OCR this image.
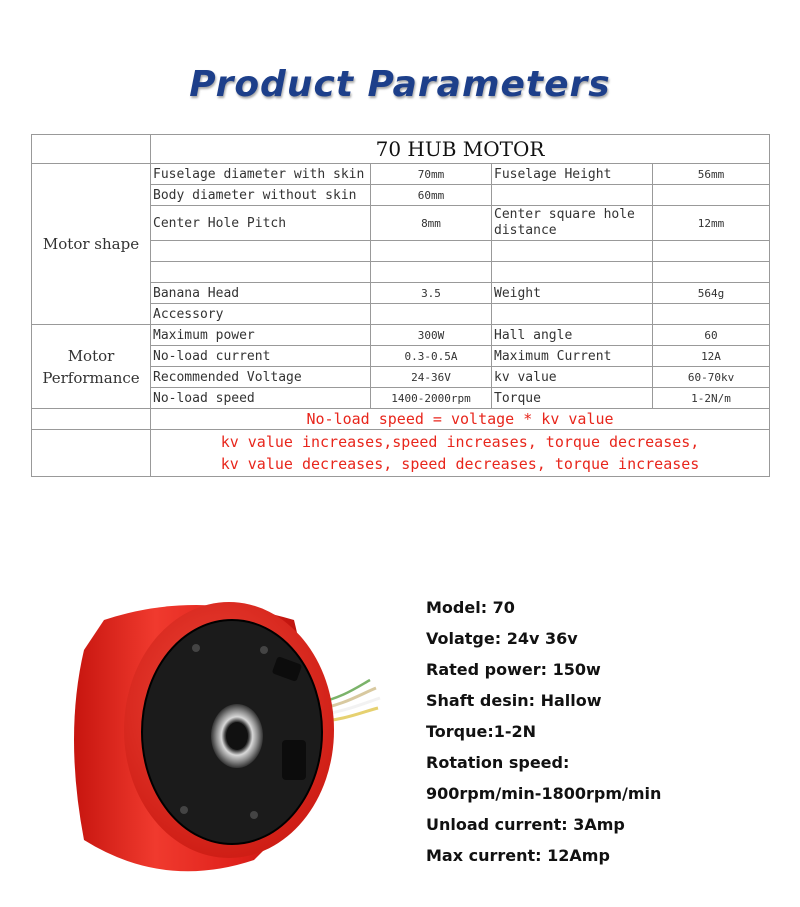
Product Parameters
	70 HUB MOTOR			
Motor shape	Fuselage diameter with skin	70mm	Fuselage Height	56mm
	Body diameter without skin	60mm		
	Center Hole Pitch	8mm	Center square hole distance	12mm

	Banana Head	3.5	Weight	564g
	Accessory			
Motor
Performance	Maximum power	300W	Hall angle	60
	No-load current	0.3-0.5A	Maximum Current	12A
	Recommended Voltage	24-36V	kv value	60-70kv
	No-load speed	1400-2000rpm	Torque	1-2N/m
	No-load speed = voltage * kv value			
	kv value increases,speed increases, torque decreases,
kv value decreases, speed decreases, torque increases			
Model: 70
Volatge: 24v 36v
Rated power: 150w
Shaft desin: Hallow
Torque:1-2N
Rotation speed:
900rpm/min-1800rpm/min
Unload current: 3Amp
Max current: 12Amp
